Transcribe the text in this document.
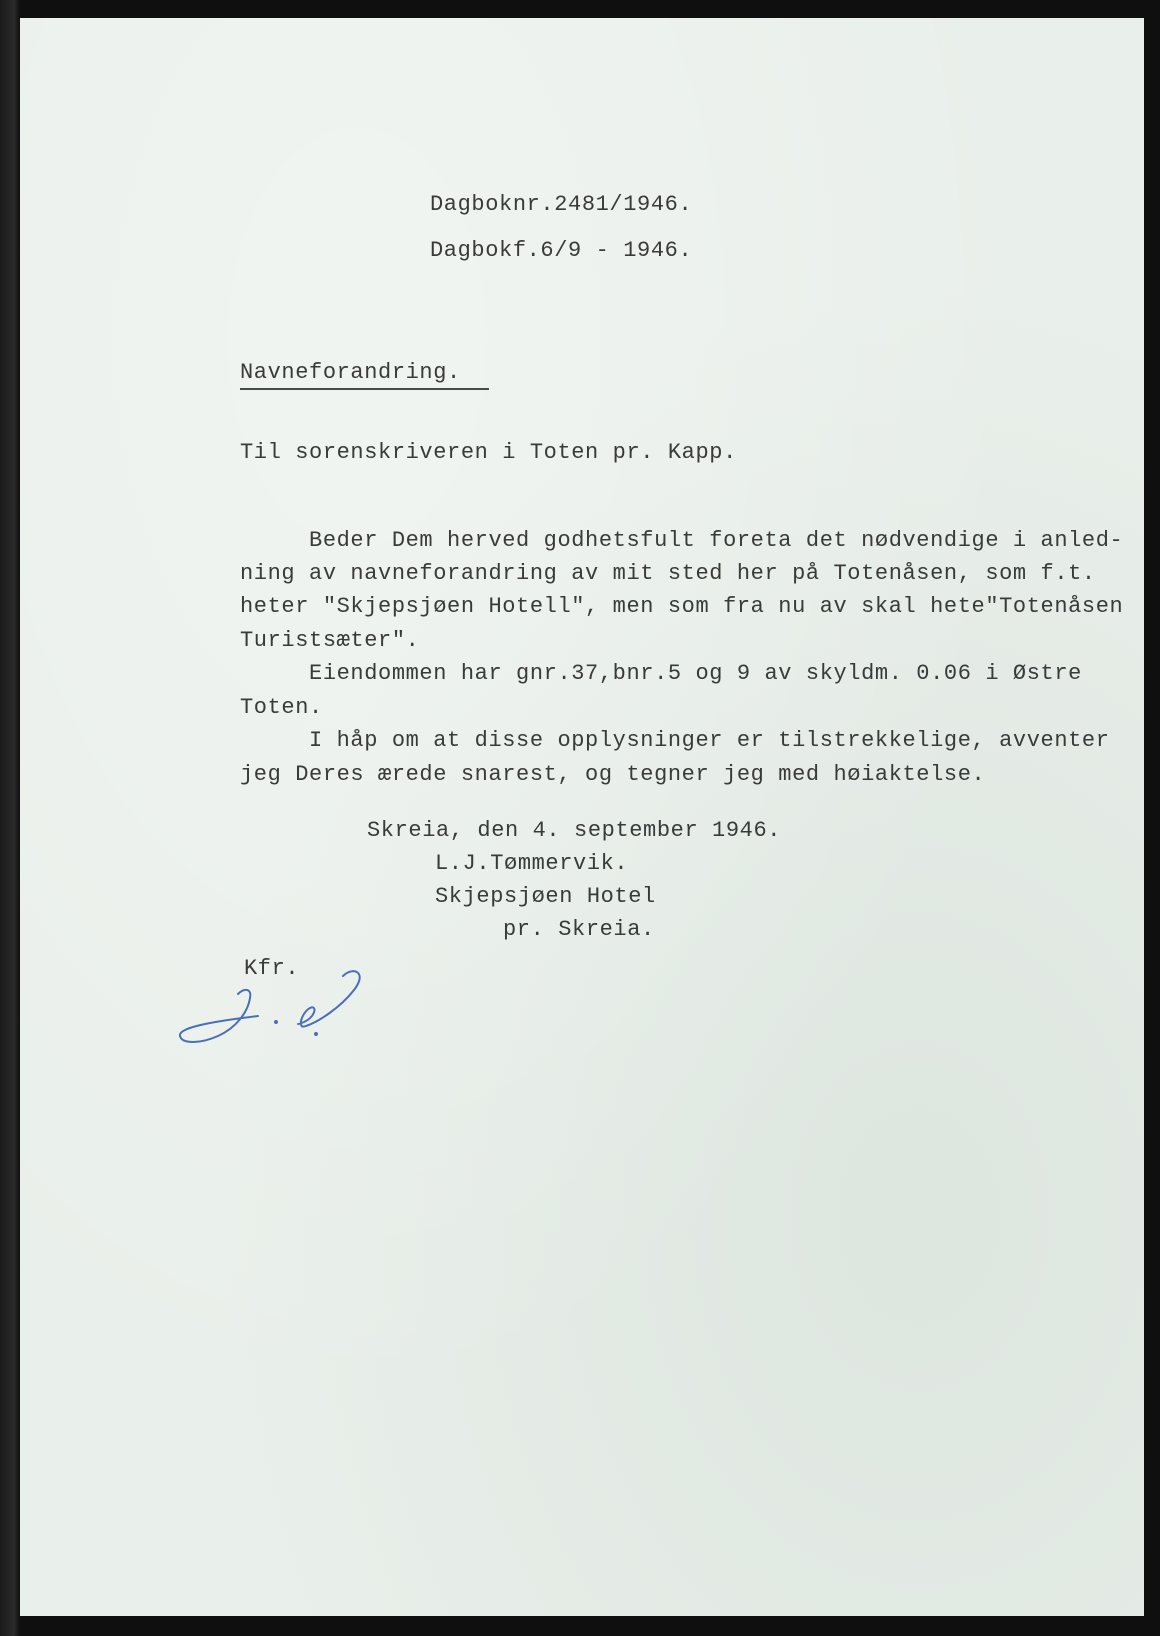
Dagboknr.2481/1946.
Dagbokf.6/9 - 1946.
Navneforandring.
Til sorenskriveren i Toten pr. Kapp.
Beder Dem herved godhetsfult foreta det nødvendige i anled-
ning av navneforandring av mit sted her på Totenåsen, som f.t.
heter "Skjepsjøen Hotell", men som fra nu av skal hete"Totenåsen
Turistsæter".
Eiendommen har gnr.37,bnr.5 og 9 av skyldm. 0.06 i Østre
Toten.
I håp om at disse opplysninger er tilstrekkelige, avventer
jeg Deres ærede snarest, og tegner jeg med høiaktelse.
Skreia, den 4. september 1946.
L.J.Tømmervik.
Skjepsjøen Hotel
pr. Skreia.
Kfr.
